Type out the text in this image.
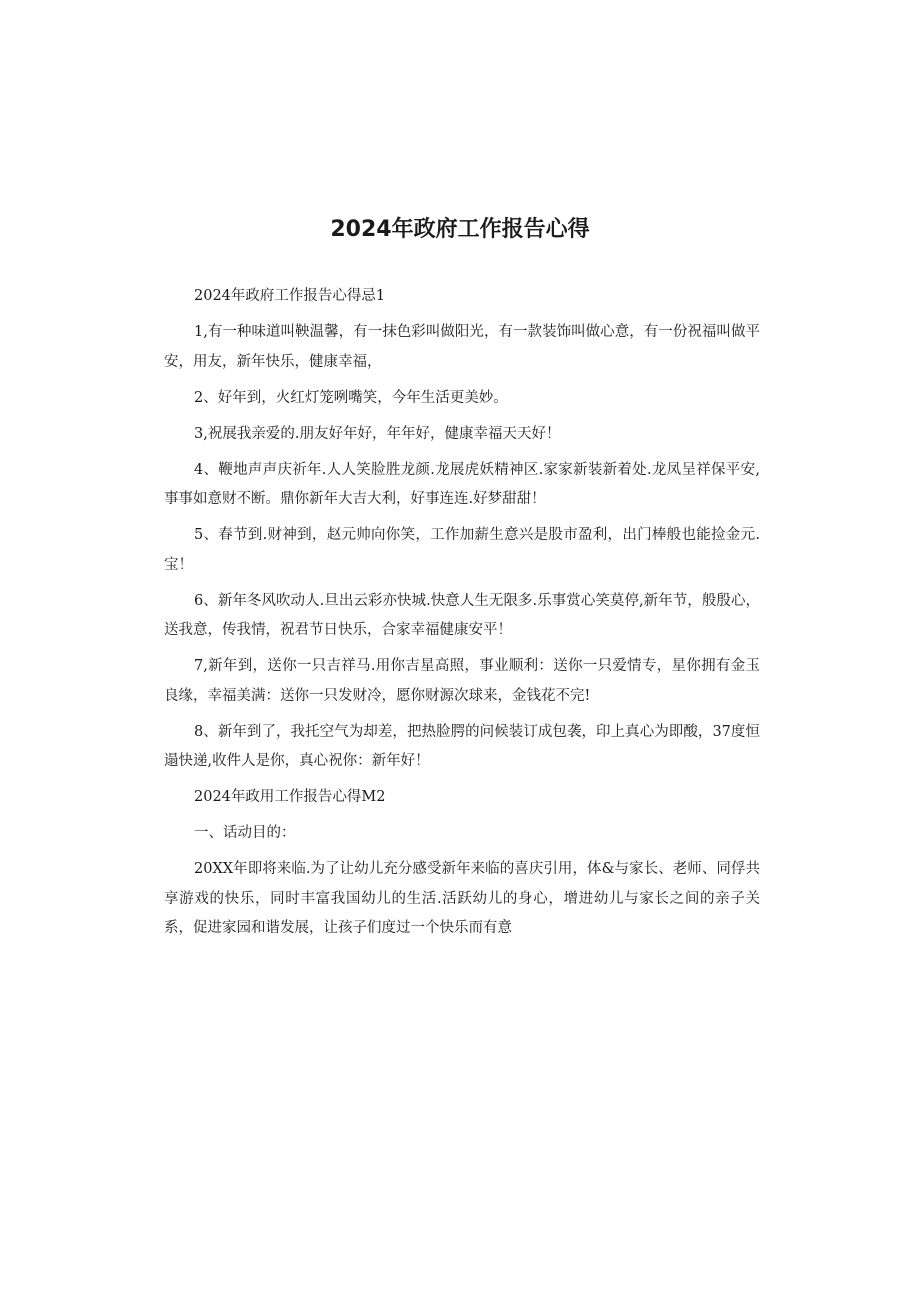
2024年政府工作报告心得

2024年政府工作报告心得忌1

1,有一种味道叫鞅温馨，有一抹色彩叫做阳光，有一款装饰叫做心意，有一份祝福叫做平安，用友，新年快乐，健康幸福，

2、好年到，火红灯笼咧嘴笑，今年生活更美妙。

3,祝展我亲爱的.朋友好年好，年年好，健康幸福天天好！

4、鞭地声声庆祈年.人人笑脸胜龙颜.龙展虎妖精神区.家家新装新着处.龙凤呈祥保平安,事事如意财不断。鼎你新年大吉大利，好事连连.好梦甜甜！

5、春节到.财神到，赵元帅向你笑，工作加薪生意兴是股市盈利，出门棒般也能捡金元.宝！

6、新年冬风吹动人.旦出云彩亦快城.快意人生无限多.乐事赏心笑莫停,新年节，般殷心，送我意，传我情，祝君节日快乐，合家幸福健康安平！

7,新年到，送你一只吉祥马.用你吉星高照，事业顺利：送你一只爱情专，星你拥有金玉良缘，幸福美满：送你一只发财冷，愿你财源次球来，金钱花不完!

8、新年到了，我托空气为却差，把热脸腭的问候装订成包袭，印上真心为即酸，37度恒遢快递,收件人是你，真心祝你：新年好！

2024年政用工作报告心得M2

一、话动目的：

20XX年即将来临.为了让幼儿充分感受新年来临的喜庆引用，体&与家长、老师、同俘共享游戏的快乐，同时丰富我国幼儿的生活.活跃幼儿的身心，增进幼儿与家长之间的亲子关系，促进家园和谐发展，让孩子们度过一个快乐而有意
